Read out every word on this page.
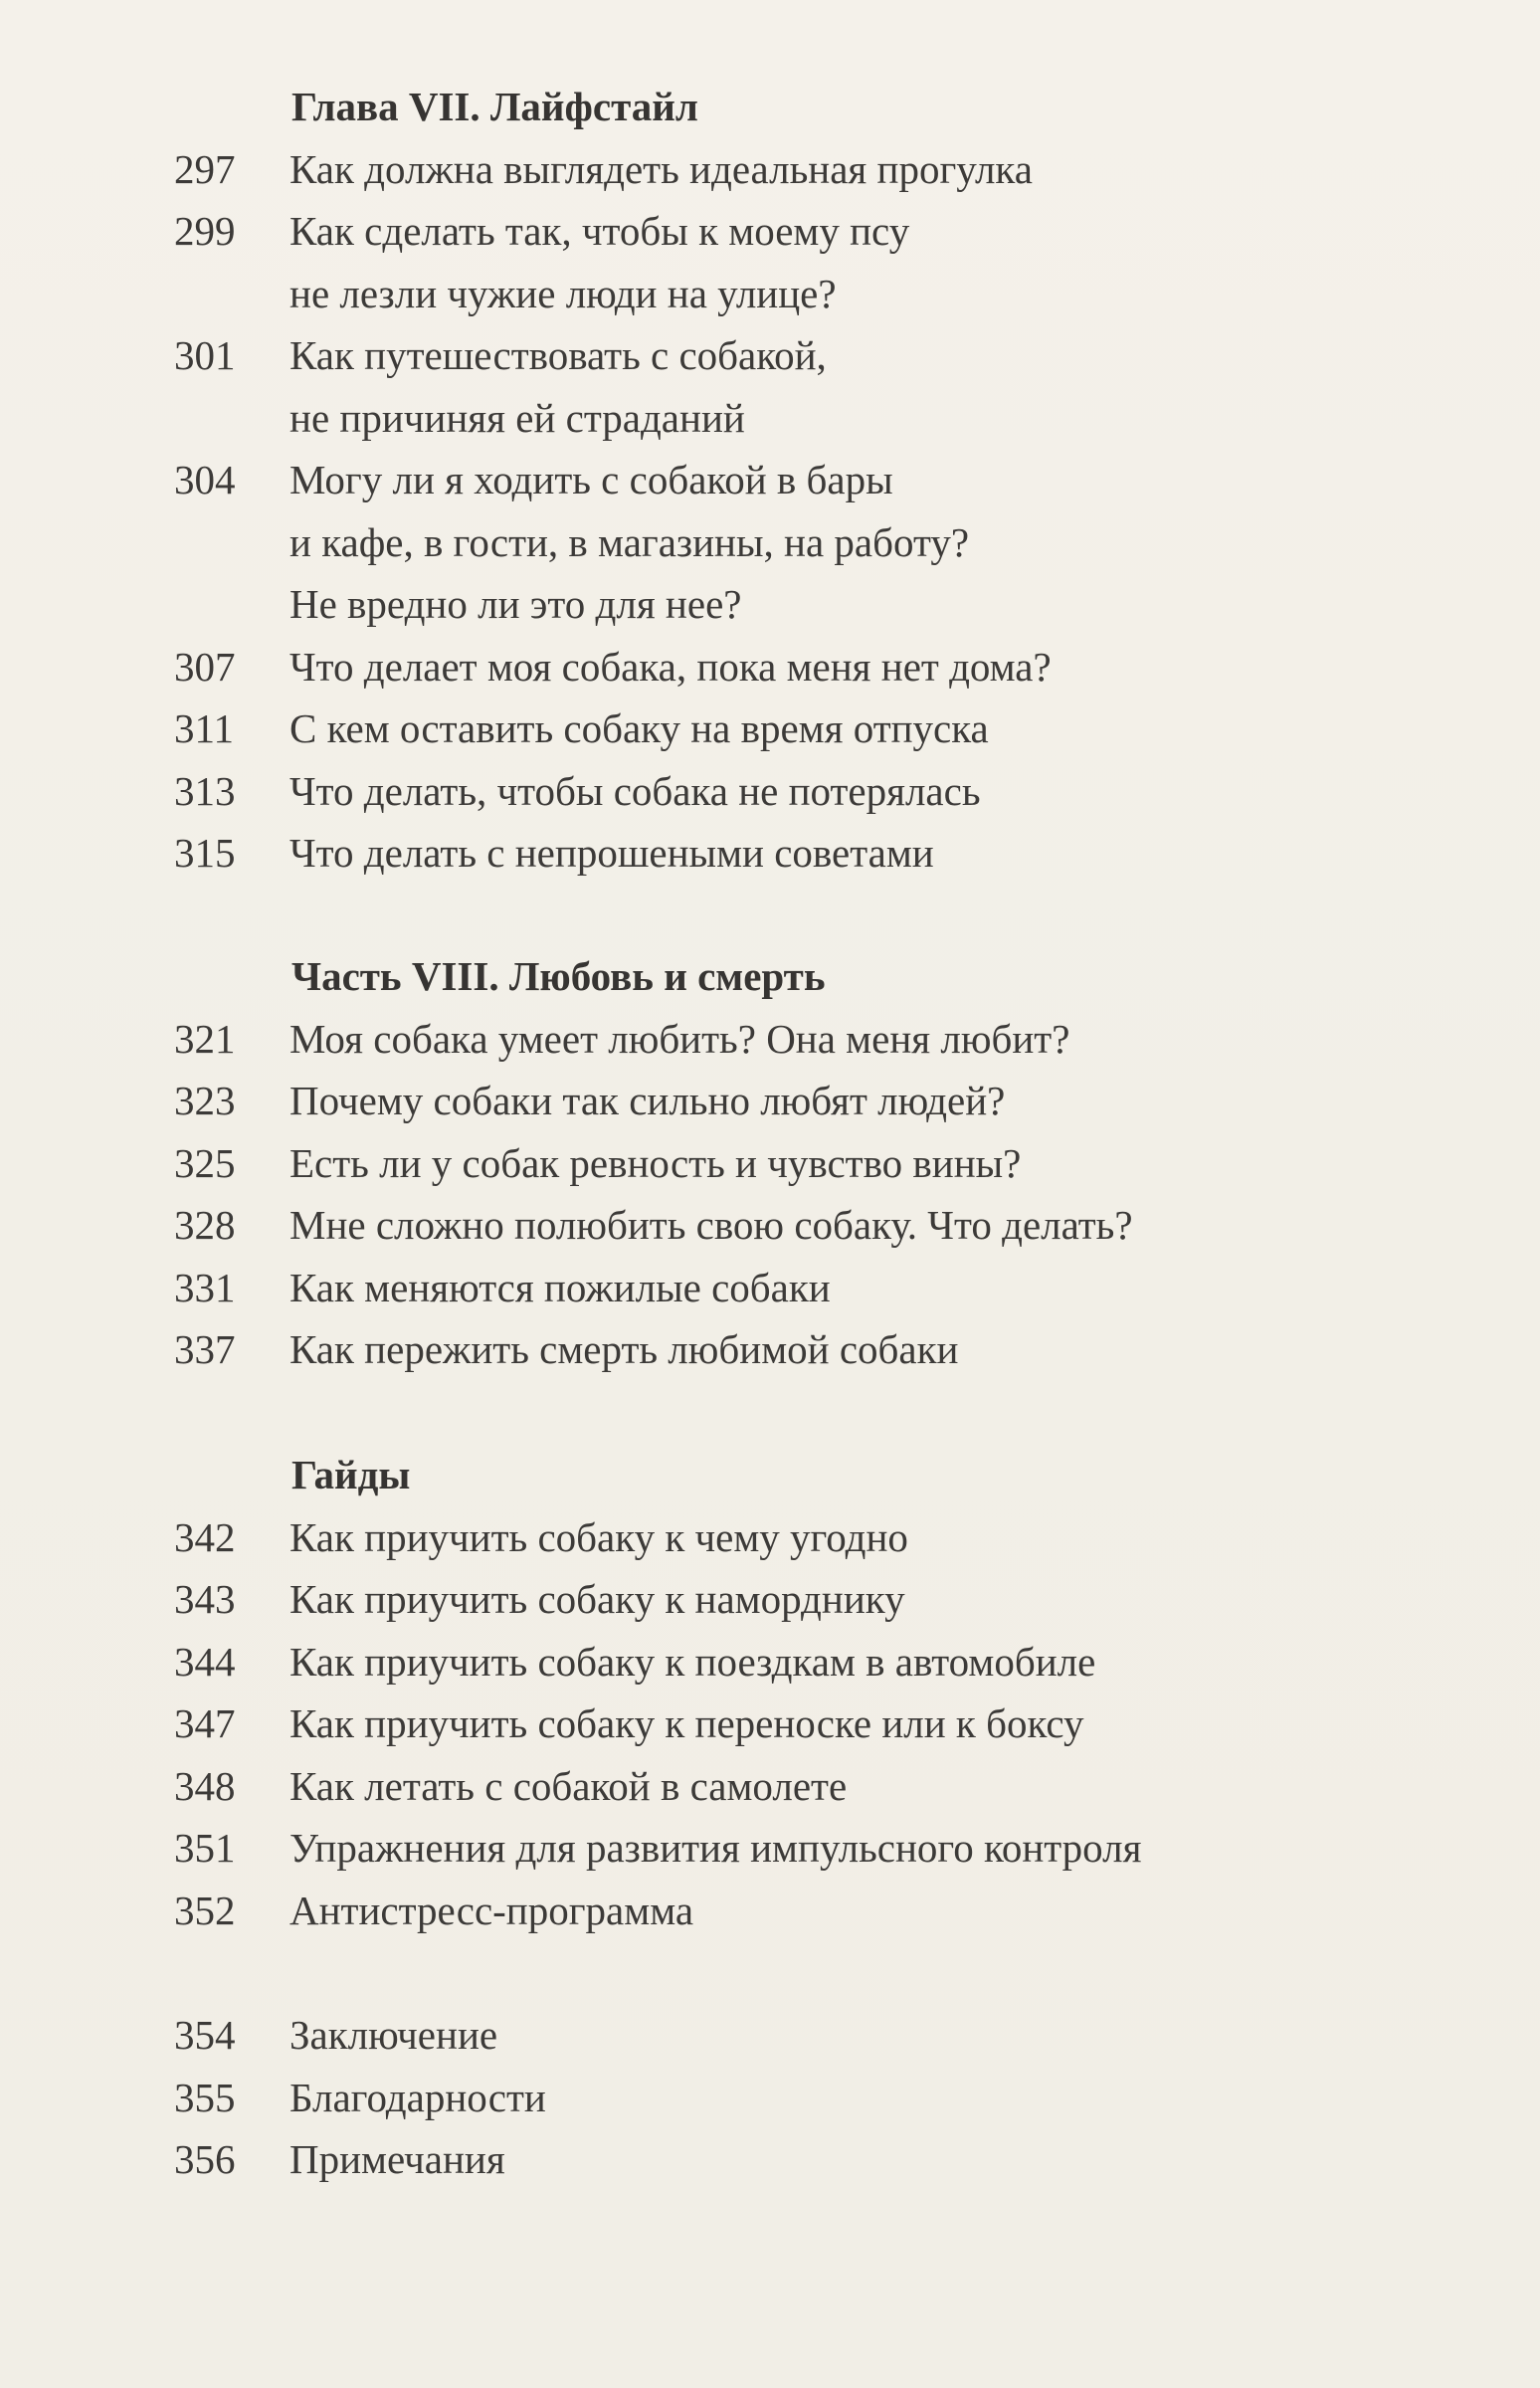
Глава VII. Лайфстайл
297	Как должна выглядеть идеальная прогулка
299	Как сделать так, чтобы к моему псу
не лезли чужие люди на улице?
301	Как путешествовать с собакой,
не причиняя ей страданий
304	Могу ли я ходить с собакой в бары
и кафе, в гости, в магазины, на работу?
Не вредно ли это для нее?
307	Что делает моя собака, пока меня нет дома?
311	С кем оставить собаку на время отпуска
313	Что делать, чтобы собака не потерялась
315	Что делать с непрошеными советами
Часть VIII. Любовь и смерть
321	Моя собака умеет любить? Она меня любит?
323	Почему собаки так сильно любят людей?
325	Есть ли у собак ревность и чувство вины?
328	Мне сложно полюбить свою собаку. Что делать?
331	Как меняются пожилые собаки
337	Как пережить смерть любимой собаки
Гайды
342	Как приучить собаку к чему угодно
343	Как приучить собаку к наморднику
344	Как приучить собаку к поездкам в автомобиле
347	Как приучить собаку к переноске или к боксу
348	Как летать с собакой в самолете
351	Упражнения для развития импульсного контроля
352	Антистресс-программа
354	Заключение
355	Благодарности
356	Примечания
